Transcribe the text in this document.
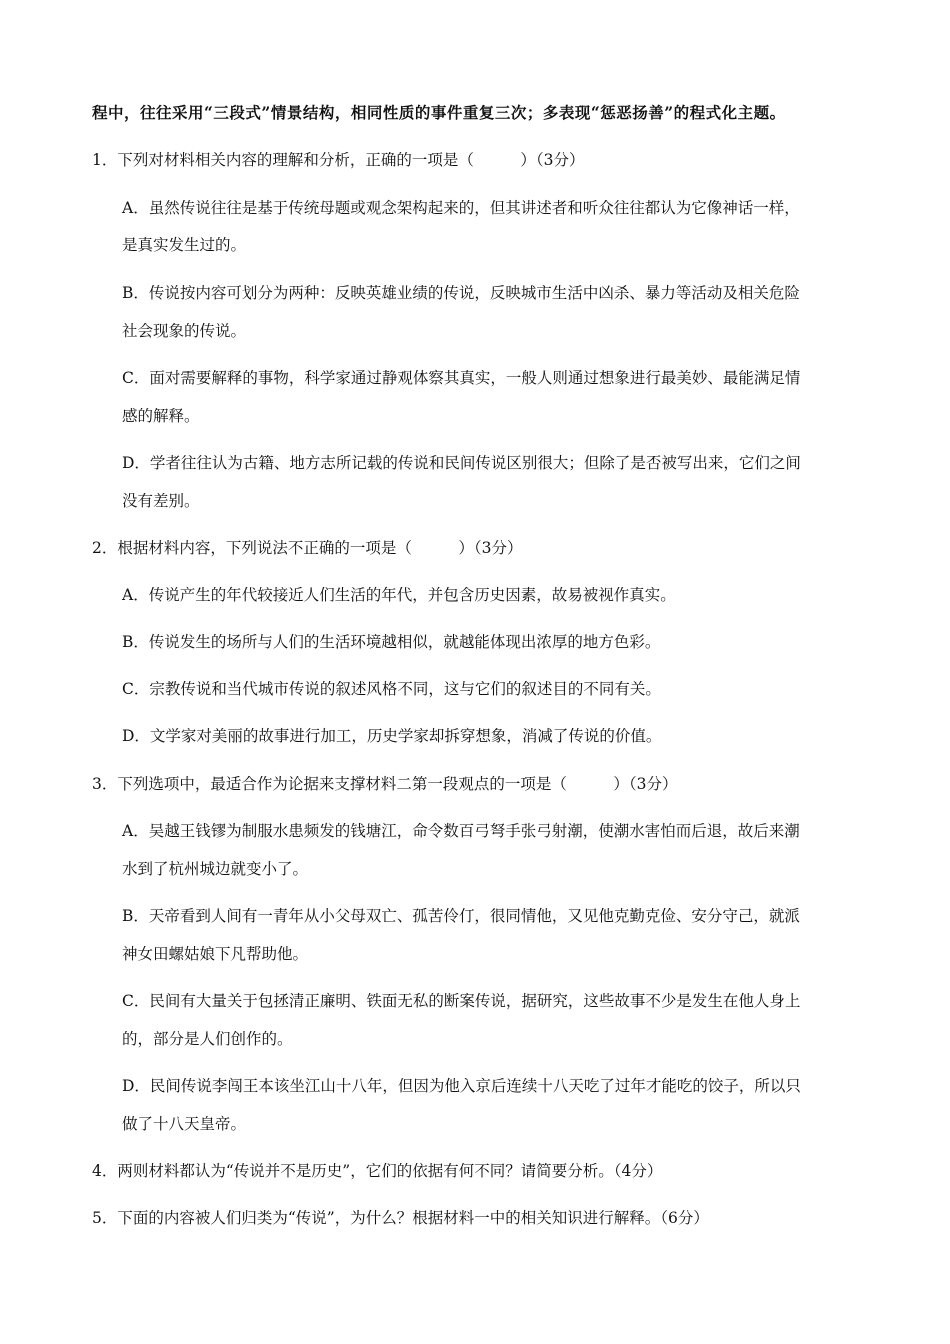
程中，往往采用“三段式”情景结构，相同性质的事件重复三次；多表现“惩恶扬善”的程式化主题。
1．下列对材料相关内容的理解和分析，正确的一项是（　　　）（3分）
A．虽然传说往往是基于传统母题或观念架构起来的，但其讲述者和听众往往都认为它像神话一样，
是真实发生过的。
B．传说按内容可划分为两种：反映英雄业绩的传说，反映城市生活中凶杀、暴力等活动及相关危险
社会现象的传说。
C．面对需要解释的事物，科学家通过静观体察其真实，一般人则通过想象进行最美妙、最能满足情
感的解释。
D．学者往往认为古籍、地方志所记载的传说和民间传说区别很大；但除了是否被写出来，它们之间
没有差别。
2．根据材料内容，下列说法不正确的一项是（　　　）（3分）
A．传说产生的年代较接近人们生活的年代，并包含历史因素，故易被视作真实。
B．传说发生的场所与人们的生活环境越相似，就越能体现出浓厚的地方色彩。
C．宗教传说和当代城市传说的叙述风格不同，这与它们的叙述目的不同有关。
D．文学家对美丽的故事进行加工，历史学家却拆穿想象，消减了传说的价值。
3．下列选项中，最适合作为论据来支撑材料二第一段观点的一项是（　　　）（3分）
A．吴越王钱镠为制服水患频发的钱塘江，命令数百弓弩手张弓射潮，使潮水害怕而后退，故后来潮
水到了杭州城边就变小了。
B．天帝看到人间有一青年从小父母双亡、孤苦伶仃，很同情他，又见他克勤克俭、安分守己，就派
神女田螺姑娘下凡帮助他。
C．民间有大量关于包拯清正廉明、铁面无私的断案传说，据研究，这些故事不少是发生在他人身上
的，部分是人们创作的。
D．民间传说李闯王本该坐江山十八年，但因为他入京后连续十八天吃了过年才能吃的饺子，所以只
做了十八天皇帝。
4．两则材料都认为“传说并不是历史”，它们的依据有何不同？请简要分析。（4分）
5．下面的内容被人们归类为“传说”，为什么？根据材料一中的相关知识进行解释。（6分）
